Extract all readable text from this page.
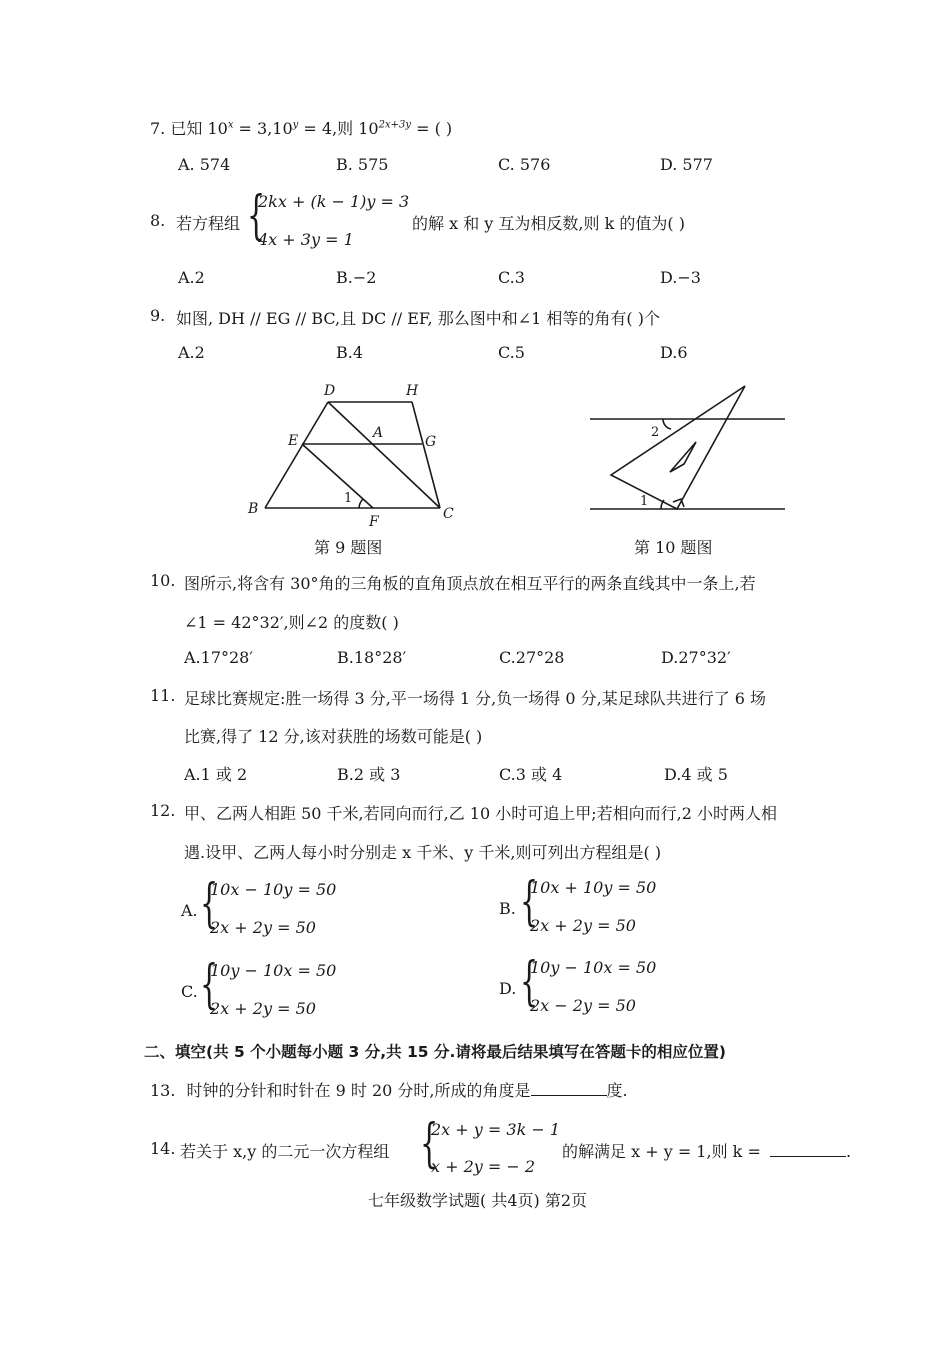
7. 已知 $10^x = 3,10^y = 4$,则 $10^{2x+3y}$ = ( )
A. 574	B. 575	C. 576	D. 577
8. 若方程组 {
2kx + (k − 1)y = 3
4x + 3y = 1
的解 x 和 y 互为相反数,则 k 的值为( )
A.2	B.−2	C.3	D.−3
9. 如图, DH // EG // BC,且 DC // EF, 那么图中和∠1 相等的角有( )个
A.2	B.4	C.5	D.6
D	H
E	A
G
B
F	C
1
第 9 题图
2
1
第 10 题图
10. 图所示,将含有 30°角的三角板的直角顶点放在相互平行的两条直线其中一条上,若
∠1 = 42°32′,则∠2 的度数( )
A.17°28′	B.18°28′	C.27°28	D.27°32′
11. 足球比赛规定:胜一场得 3 分,平一场得 1 分,负一场得 0 分,某足球队共进行了 6 场
比赛,得了 12 分,该对获胜的场数可能是( )
A.1 或 2	B.2 或 3	C.3 或 4	D.4 或 5
12. 甲、乙两人相距 50 千米,若同向而行,乙 10 小时可追上甲;若相向而行,2 小时两人相
遇.设甲、乙两人每小时分别走 x 千米、y 千米,则可列出方程组是( )
A. {
10x − 10y = 50
2x + 2y = 50
B. {
10x + 10y = 50
2x + 2y = 50
C. {
10y − 10x = 50
2x + 2y = 50
D. {
10y − 10x = 50
2x − 2y = 50
二、填空(共 5 个小题每小题 3 分,共 15 分.请将最后结果填写在答题卡的相应位置)
13. 时钟的分针和时针在 9 时 20 分时,所成的角度是	度.
14. 若关于 x,y 的二元一次方程组 {
2x + y = 3k − 1
x + 2y = − 2
的解满足 x + y = 1,则 k =	.
七年级数学试题( 共4页) 第2页
